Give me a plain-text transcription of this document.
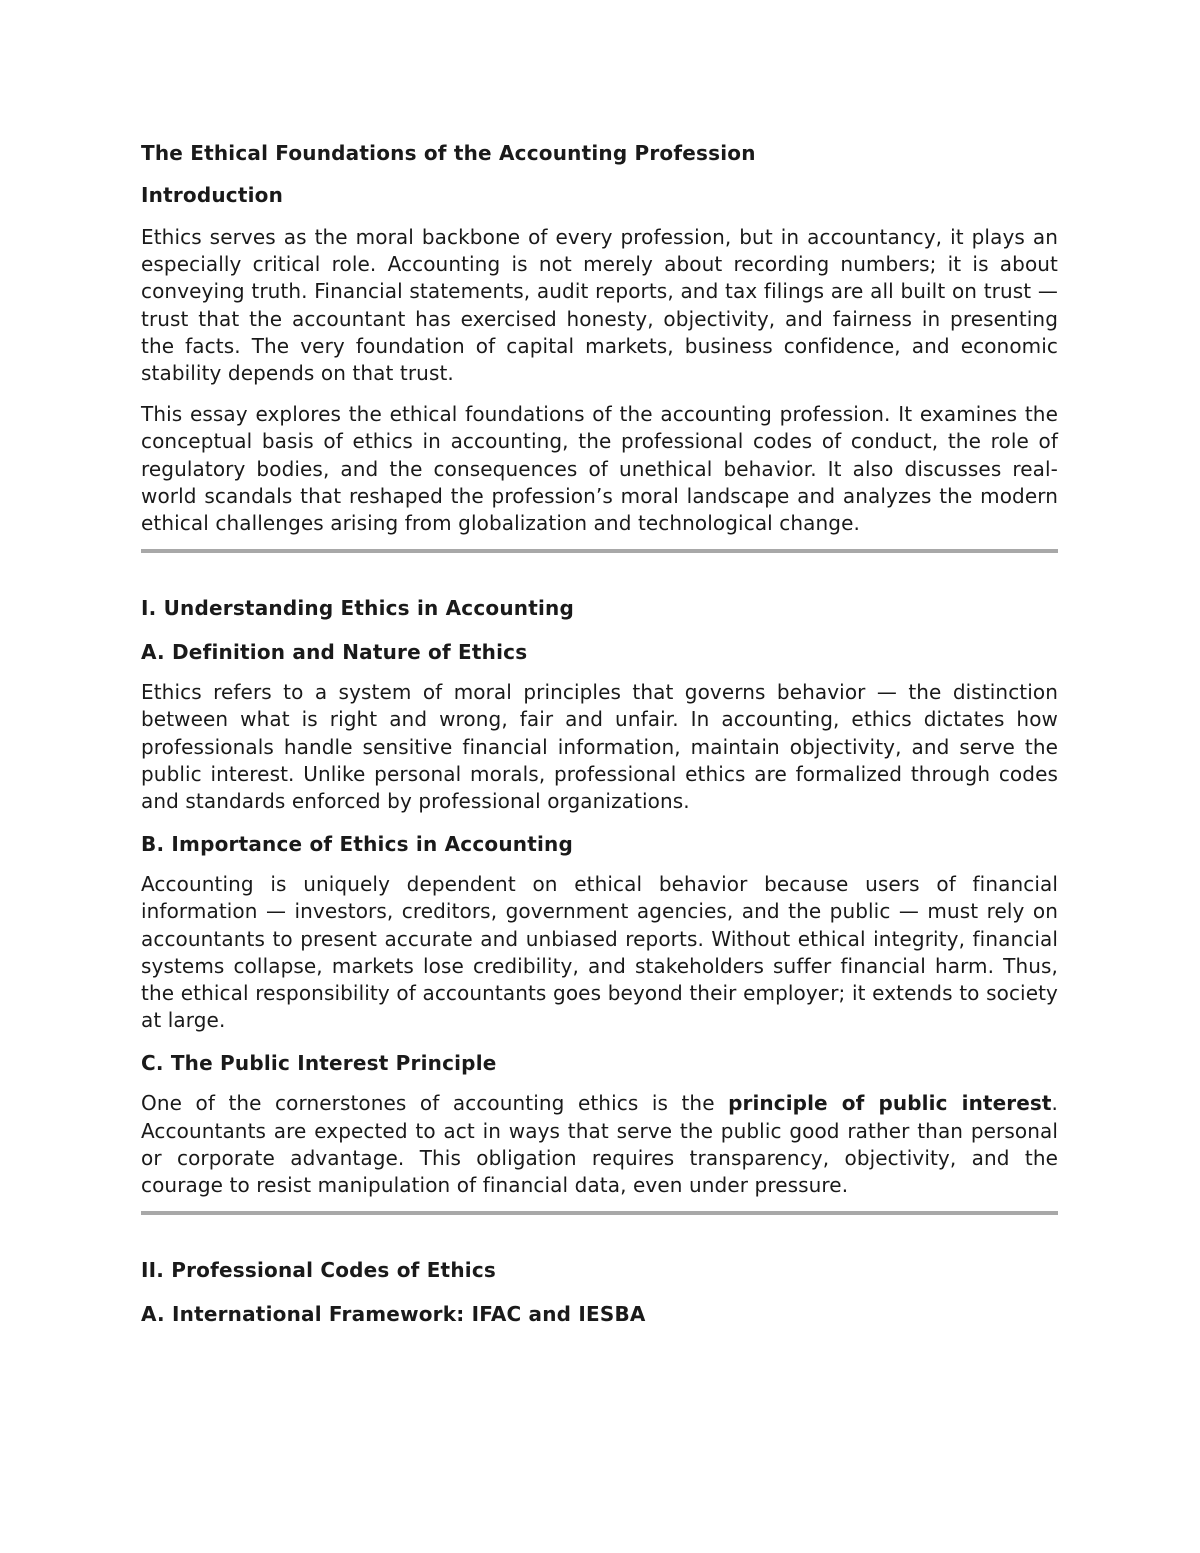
The Ethical Foundations of the Accounting Profession
Introduction

Ethics serves as the moral backbone of every profession, but in accountancy, it plays an especially critical role. Accounting is not merely about recording numbers; it is about conveying truth. Financial statements, audit reports, and tax filings are all built on trust — trust that the accountant has exercised honesty, objectivity, and fairness in presenting the facts. The very foundation of capital markets, business confidence, and economic stability depends on that trust.

This essay explores the ethical foundations of the accounting profession. It examines the conceptual basis of ethics in accounting, the professional codes of conduct, the role of regulatory bodies, and the consequences of unethical behavior. It also discusses real-world scandals that reshaped the profession’s moral landscape and analyzes the modern ethical challenges arising from globalization and technological change.

I. Understanding Ethics in Accounting
A. Definition and Nature of Ethics

Ethics refers to a system of moral principles that governs behavior — the distinction between what is right and wrong, fair and unfair. In accounting, ethics dictates how professionals handle sensitive financial information, maintain objectivity, and serve the public interest. Unlike personal morals, professional ethics are formalized through codes and standards enforced by professional organizations.

B. Importance of Ethics in Accounting

Accounting is uniquely dependent on ethical behavior because users of financial information — investors, creditors, government agencies, and the public — must rely on accountants to present accurate and unbiased reports. Without ethical integrity, financial systems collapse, markets lose credibility, and stakeholders suffer financial harm. Thus, the ethical responsibility of accountants goes beyond their employer; it extends to society at large.

C. The Public Interest Principle

One of the cornerstones of accounting ethics is the principle of public interest. Accountants are expected to act in ways that serve the public good rather than personal or corporate advantage. This obligation requires transparency, objectivity, and the courage to resist manipulation of financial data, even under pressure.

II. Professional Codes of Ethics
A. International Framework: IFAC and IESBA
